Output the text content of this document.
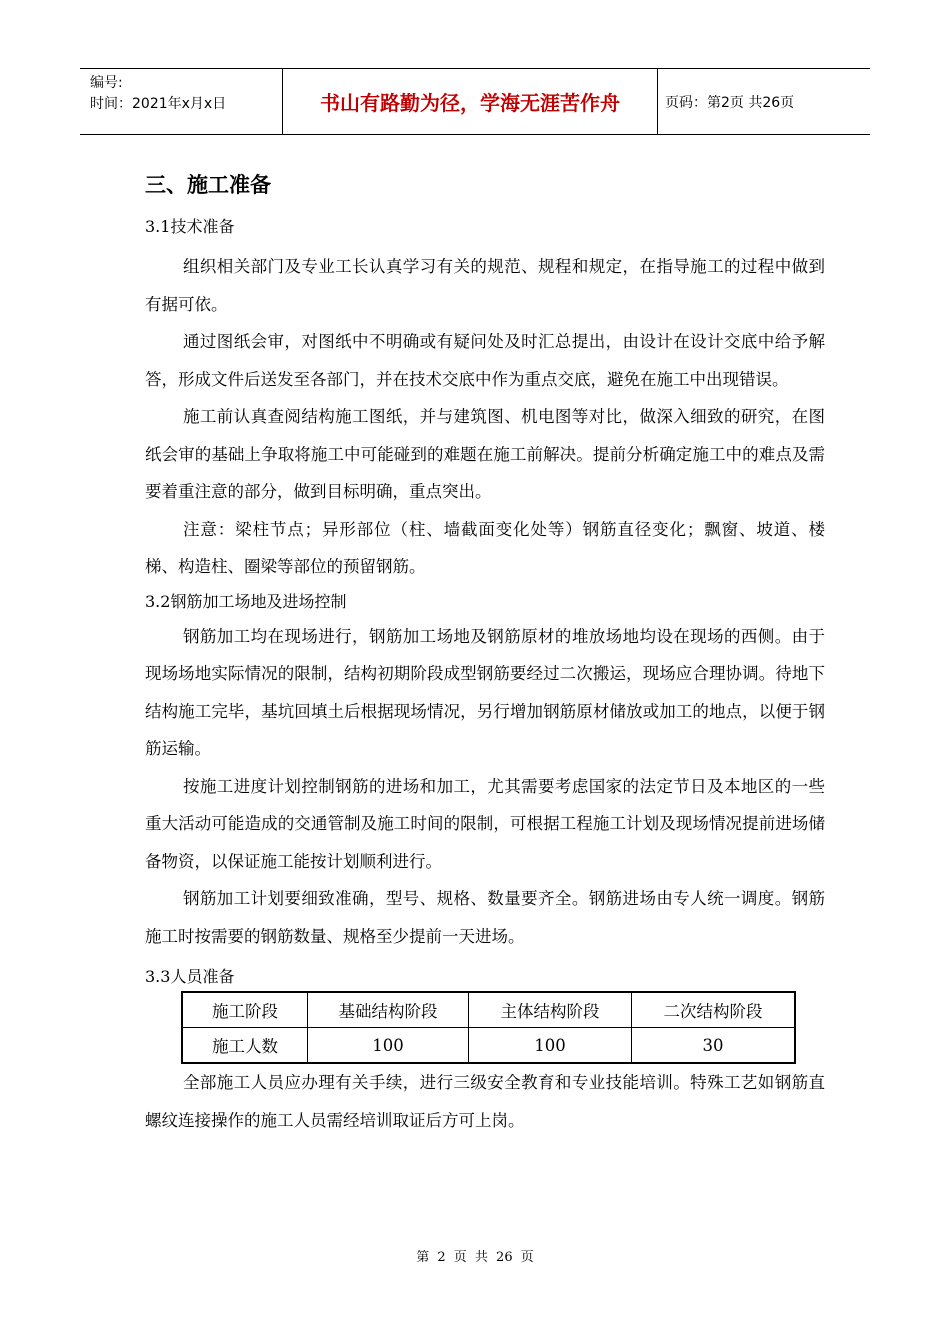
编号:
时间：2021年x月x日	书山有路勤为径，学海无涯苦作舟	页码：第2页 共26页
三、施工准备
3.1技术准备

组织相关部门及专业工长认真学习有关的规范、规程和规定，在指导施工的过程中做到有据可依。

通过图纸会审，对图纸中不明确或有疑问处及时汇总提出，由设计在设计交底中给予解答，形成文件后送发至各部门，并在技术交底中作为重点交底，避免在施工中出现错误。

施工前认真查阅结构施工图纸，并与建筑图、机电图等对比，做深入细致的研究，在图纸会审的基础上争取将施工中可能碰到的难题在施工前解决。提前分析确定施工中的难点及需要着重注意的部分，做到目标明确，重点突出。

注意：梁柱节点；异形部位（柱、墙截面变化处等）钢筋直径变化；飘窗、坡道、楼梯、构造柱、圈梁等部位的预留钢筋。

3.2钢筋加工场地及进场控制

钢筋加工均在现场进行，钢筋加工场地及钢筋原材的堆放场地均设在现场的西侧。由于现场场地实际情况的限制，结构初期阶段成型钢筋要经过二次搬运，现场应合理协调。待地下结构施工完毕，基坑回填土后根据现场情况，另行增加钢筋原材储放或加工的地点，以便于钢筋运输。

按施工进度计划控制钢筋的进场和加工，尤其需要考虑国家的法定节日及本地区的一些重大活动可能造成的交通管制及施工时间的限制，可根据工程施工计划及现场情况提前进场储备物资，以保证施工能按计划顺利进行。

钢筋加工计划要细致准确，型号、规格、数量要齐全。钢筋进场由专人统一调度。钢筋施工时按需要的钢筋数量、规格至少提前一天进场。

3.3人员准备
施工阶段	基础结构阶段	主体结构阶段	二次结构阶段
施工人数	100	100	30

全部施工人员应办理有关手续，进行三级安全教育和专业技能培训。特殊工艺如钢筋直螺纹连接操作的施工人员需经培训取证后方可上岗。

第 2 页 共 26 页
